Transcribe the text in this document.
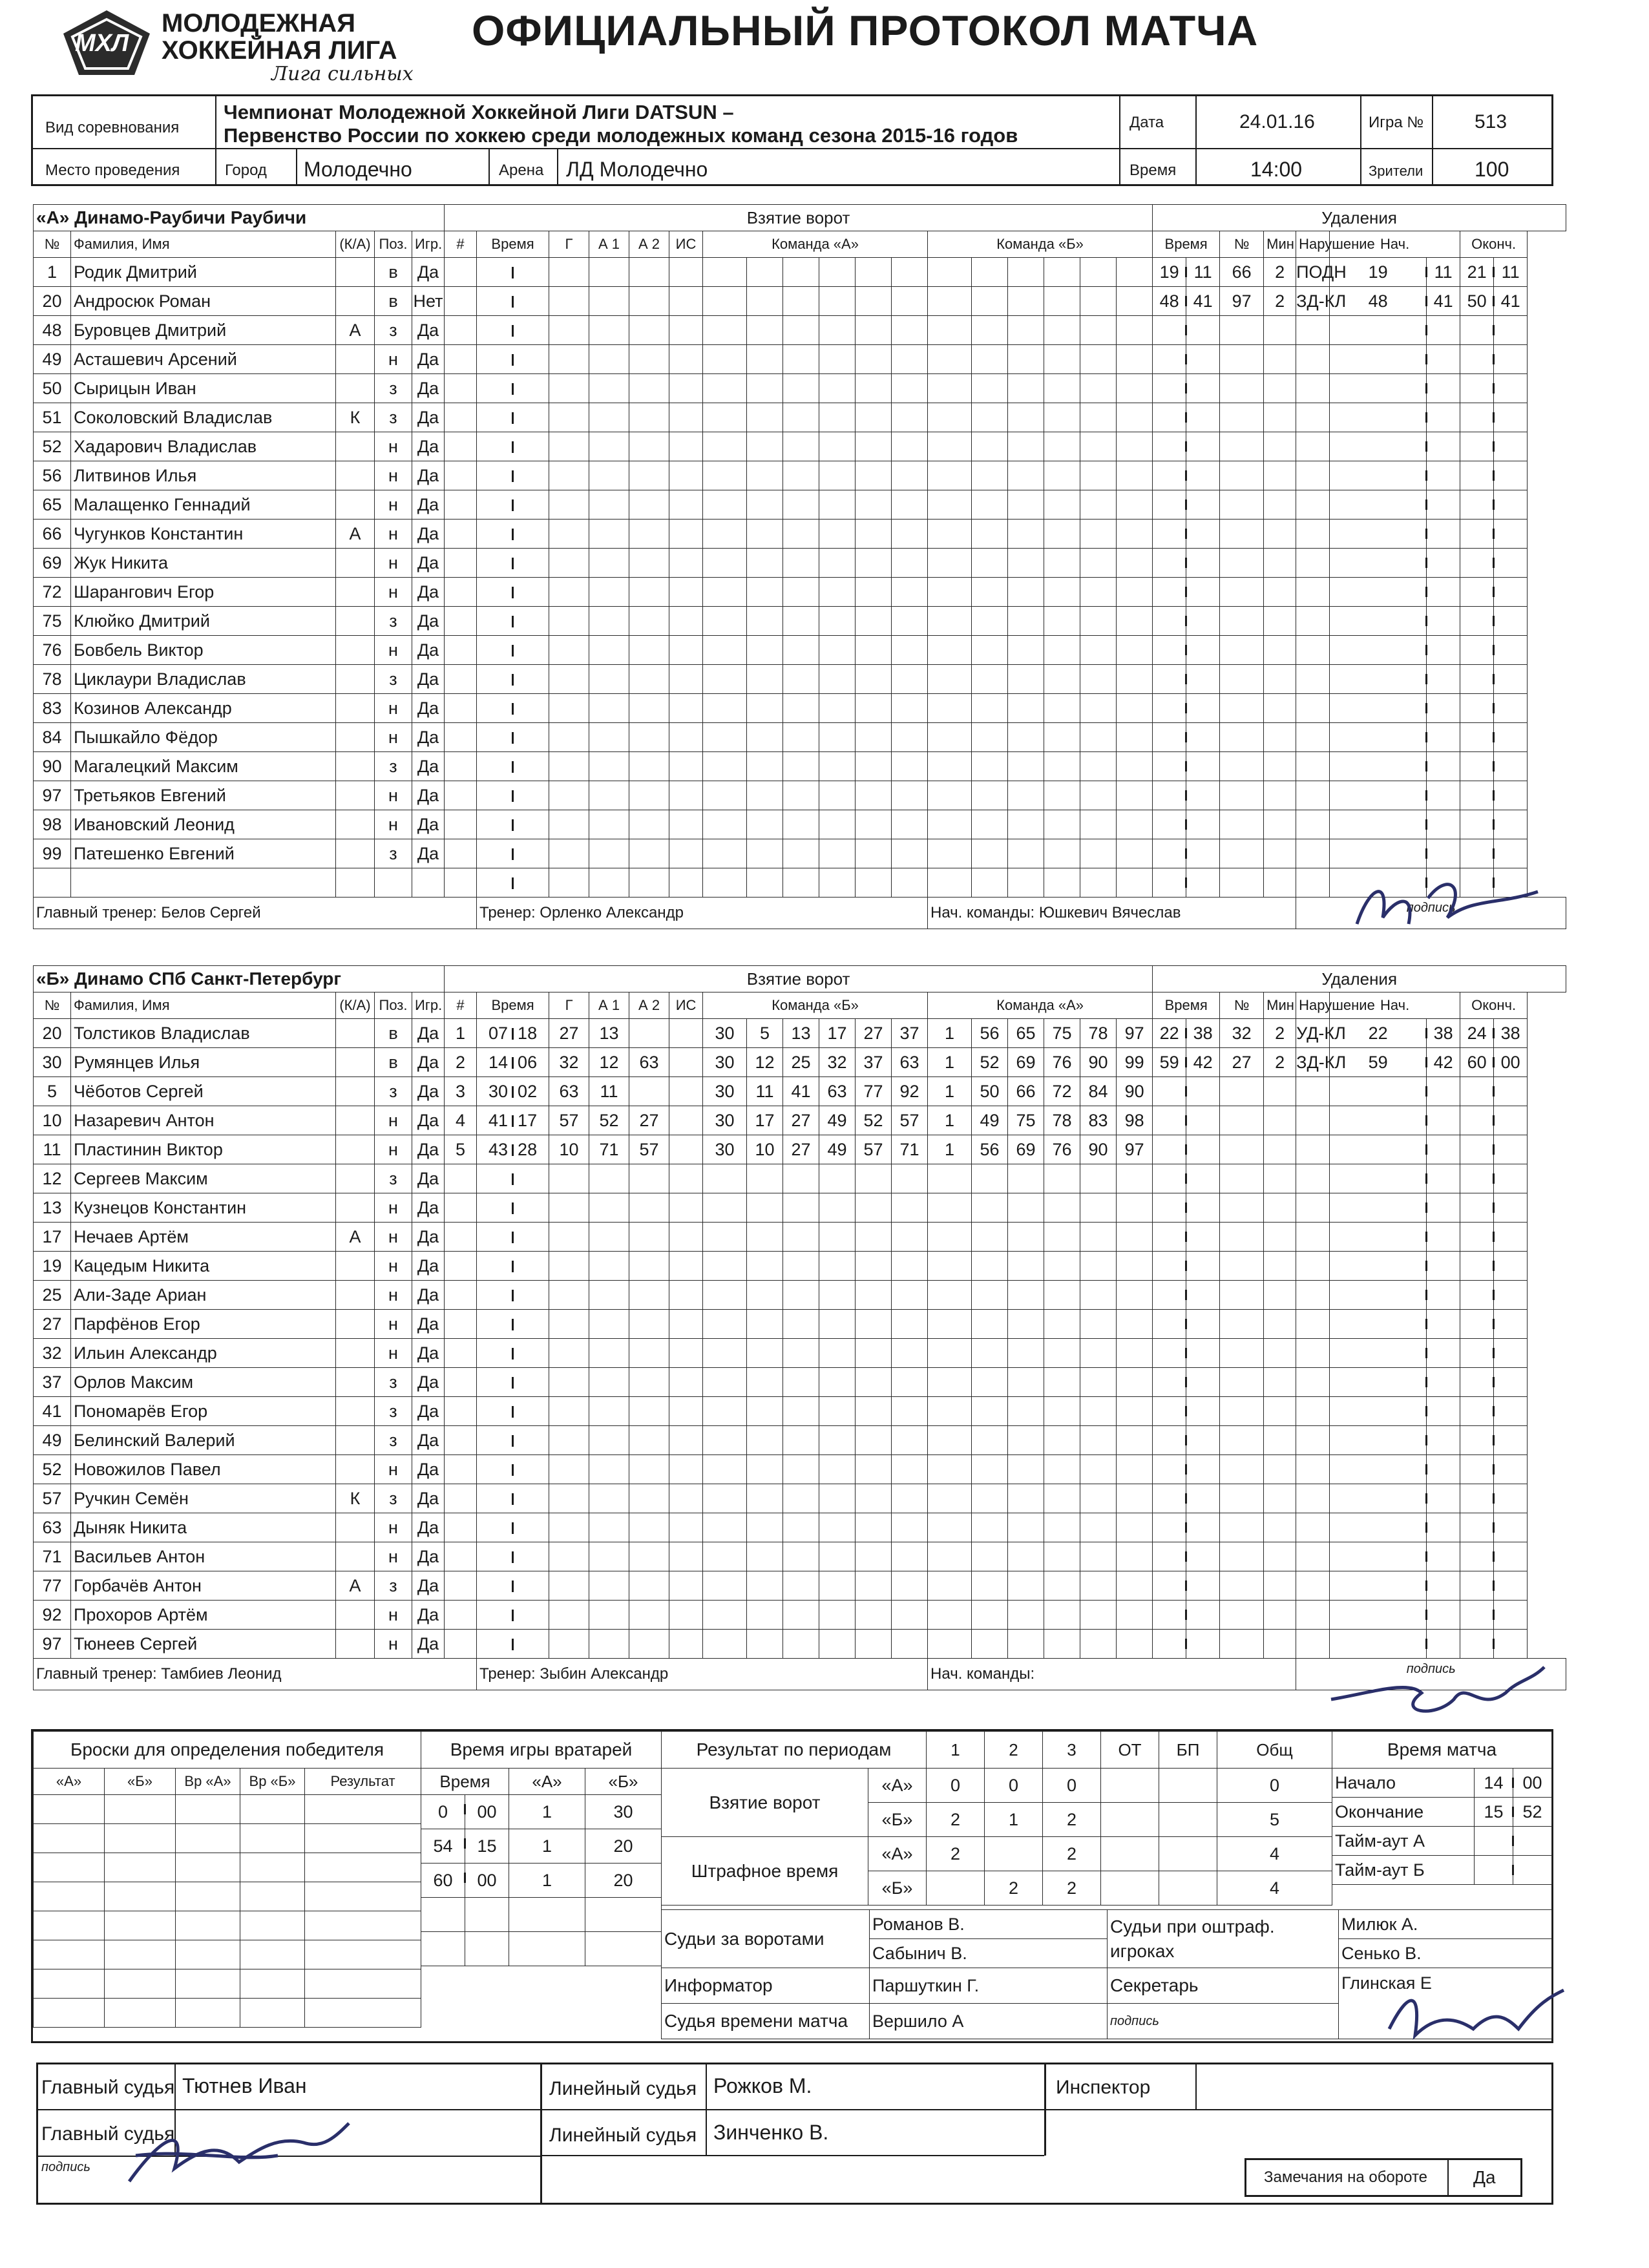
МХЛ
МОЛОДЕЖНАЯ
ХОККЕЙНАЯ ЛИГА
Лига сильных
ОФИЦИАЛЬНЫЙ ПРОТОКОЛ МАТЧА
Вид соревнования
Чемпионат Молодежной Хоккейной Лиги DATSUN –
Первенство России по хоккею среди молодежных команд сезона 2015-16 годов
Дата	24.01.16	Игра №	513
Место проведения	Город Молодечно	Арена ЛД Молодечно	Время	14:00	Зрители 100
«А» Динамо-Раубичи Раубичи					Взятие ворот																		Удаления								
№	Фамилия, Имя	(К/А)	Поз.	Игр.	#	Время	Г	А 1	А 2	ИС	Команда «А»						Команда «Б»						Время		№	Мин	Нарушение	Нач.		Оконч.	
1	Родик Дмитрий		в	Да																			19	11	66	2	ПОДН	19	11	21	11
20	Андросюк Роман		в	Нет																			48	41	97	2	ЗД-КЛ	48	41	50	41
48	Буровцев Дмитрий	А	з	Да																											
49	Асташевич Арсений		н	Да																											
50	Сырицын Иван		з	Да																											
51	Соколовский Владислав	К	з	Да																											
52	Хадарович Владислав		н	Да																											
56	Литвинов Илья		н	Да																											
65	Малащенко Геннадий		н	Да																											
66	Чугунков Константин	А	н	Да																											
69	Жук Никита		н	Да																											
72	Шарангович Егор		н	Да																											
75	Клюйко Дмитрий		з	Да																											
76	Бовбель Виктор		н	Да																											
78	Циклаури Владислав		з	Да																											
83	Козинов Александр		н	Да																											
84	Пышкайло Фёдор		н	Да																											
90	Магалецкий Максим		з	Да																											
97	Третьяков Евгений		н	Да																											
98	Ивановский Леонид		н	Да																											
99	Патешенко Евгений		з	Да																											

Главный тренер: Белов Сергей						Тренер: Орленко Александр											Нач. команды: Юшкевич Вячеслав										подпись				
«Б» Динамо СПб Санкт-Петербург					Взятие ворот																		Удаления								
№	Фамилия, Имя	(К/А)	Поз.	Игр.	#	Время	Г	А 1	А 2	ИС	Команда «Б»						Команда «А»						Время		№	Мин	Нарушение	Нач.		Оконч.	
20	Толстиков Владислав		в	Да	1	07 18	27	13			30	5	13	17	27	37	1	56	65	75	78	97	22	38	32	2	УД-КЛ	22	38	24	38
30	Румянцев Илья		в	Да	2	14 06	32	12	63		30	12	25	32	37	63	1	52	69	76	90	99	59	42	27	2	ЗД-КЛ	59	42	60	00
5	Чёботов Сергей		з	Да	3	30 02	63	11			30	11	41	63	77	92	1	50	66	72	84	90									
10	Назаревич Антон		н	Да	4	41 17	57	52	27		30	17	27	49	52	57	1	49	75	78	83	98									
11	Пластинин Виктор		н	Да	5	43 28	10	71	57		30	10	27	49	57	71	1	56	69	76	90	97									
12	Сергеев Максим		з	Да																											
13	Кузнецов Константин		н	Да																											
17	Нечаев Артём	А	н	Да																											
19	Кацедым Никита		н	Да																											
25	Али-Заде Ариан		н	Да																											
27	Парфёнов Егор		н	Да																											
32	Ильин Александр		н	Да																											
37	Орлов Максим		з	Да																											
41	Пономарёв Егор		з	Да																											
49	Белинский Валерий		з	Да																											
52	Новожилов Павел		н	Да																											
57	Ручкин Семён	К	з	Да																											
63	Дыняк Никита		н	Да																											
71	Васильев Антон		н	Да																											
77	Горбачёв Антон	А	з	Да																											
92	Прохоров Артём		н	Да																											
97	Тюнеев Сергей		н	Да																											
Главный тренер: Тамбиев Леонид						Тренер: Зыбин Александр											Нач. команды:										подпись				
Броски для определения победителя				
«А»	«Б»	Вр «А»	Вр «Б»	Результат

Время игры вратарей			
Время		«А»	«Б»
0	00	1	30
54	15	1	20
60	00	1	20

Результат по периодам		1	2	3	ОТ	БП	Общ
Взятие ворот	«А»	0	0	0			0
	«Б»	2	1	2			5
Штрафное время	«А»	2		2			4
	«Б»		2	2			4
Время матча		
Начало	14	00
Окончание	15	52
Тайм-аут А		
Тайм-аут Б		
Судьи за воротами	Романов В.	Судьи при оштраф. игроках	Милюк А.
	Сабынич В.		Сенько В.
Информатор	Паршуткин Г.	Секретарь	Глинская Е
Судья времени матча	Вершило А	подпись	
Главный судья Тютнев Иван
Главный судья
подпись
Линейный судья Рожков М.
Линейный судья Зинченко В.
Инспектор
Замечания на обороте	Да
